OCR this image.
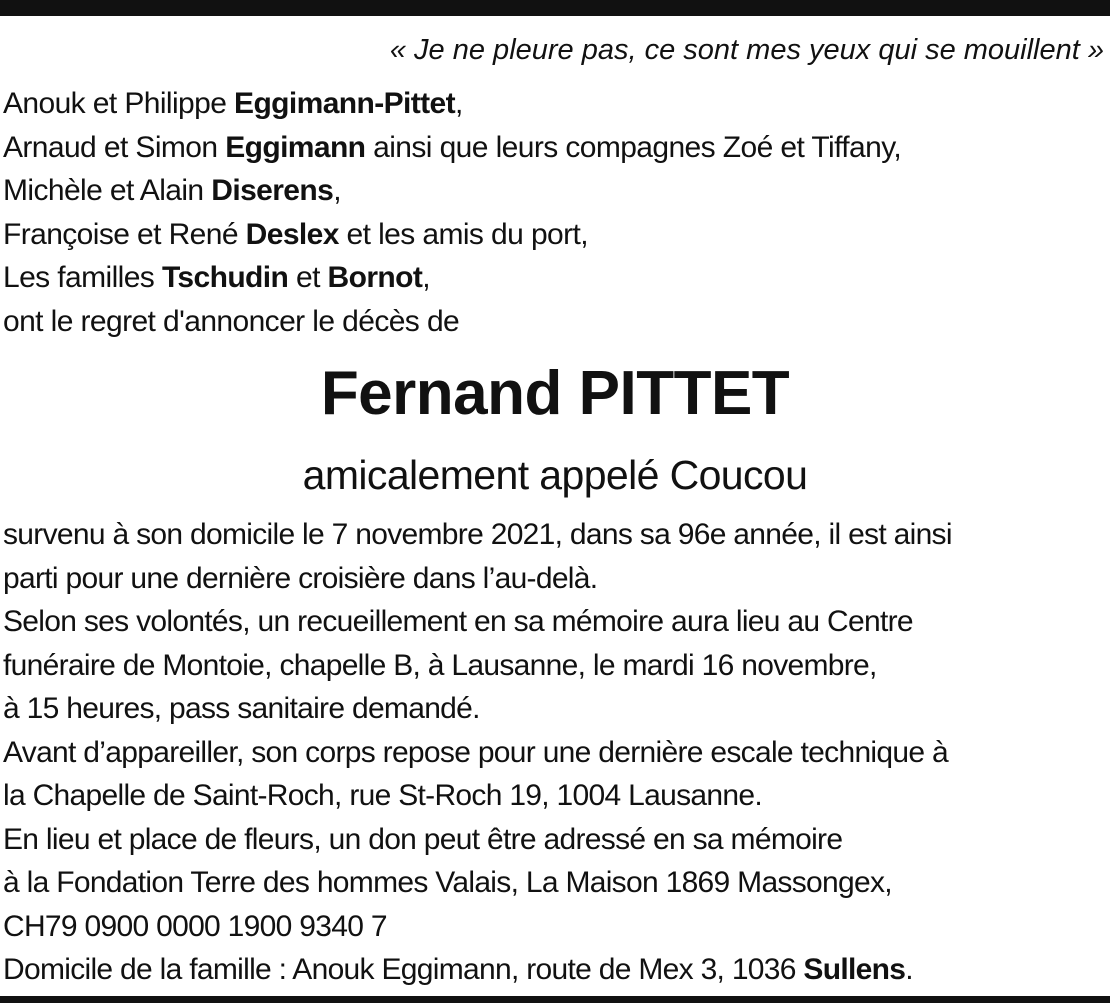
« Je ne pleure pas, ce sont mes yeux qui se mouillent »
Anouk et Philippe Eggimann-Pittet,
Arnaud et Simon Eggimann ainsi que leurs compagnes Zoé et Tiffany,
Michèle et Alain Diserens,
Françoise et René Deslex et les amis du port,
Les familles Tschudin et Bornot,
ont le regret d'annoncer le décès de
Fernand PITTET
amicalement appelé Coucou
survenu à son domicile le 7 novembre 2021, dans sa 96e année, il est ainsi
parti pour une dernière croisière dans l’au-delà.
Selon ses volontés, un recueillement en sa mémoire aura lieu au Centre
funéraire de Montoie, chapelle B, à Lausanne, le mardi 16 novembre,
à 15 heures, pass sanitaire demandé.
Avant d’appareiller, son corps repose pour une dernière escale technique à
la Chapelle de Saint-Roch, rue St-Roch 19, 1004 Lausanne.
En lieu et place de fleurs, un don peut être adressé en sa mémoire
à la Fondation Terre des hommes Valais, La Maison 1869 Massongex,
CH79 0900 0000 1900 9340 7
Domicile de la famille : Anouk Eggimann, route de Mex 3, 1036 Sullens.
